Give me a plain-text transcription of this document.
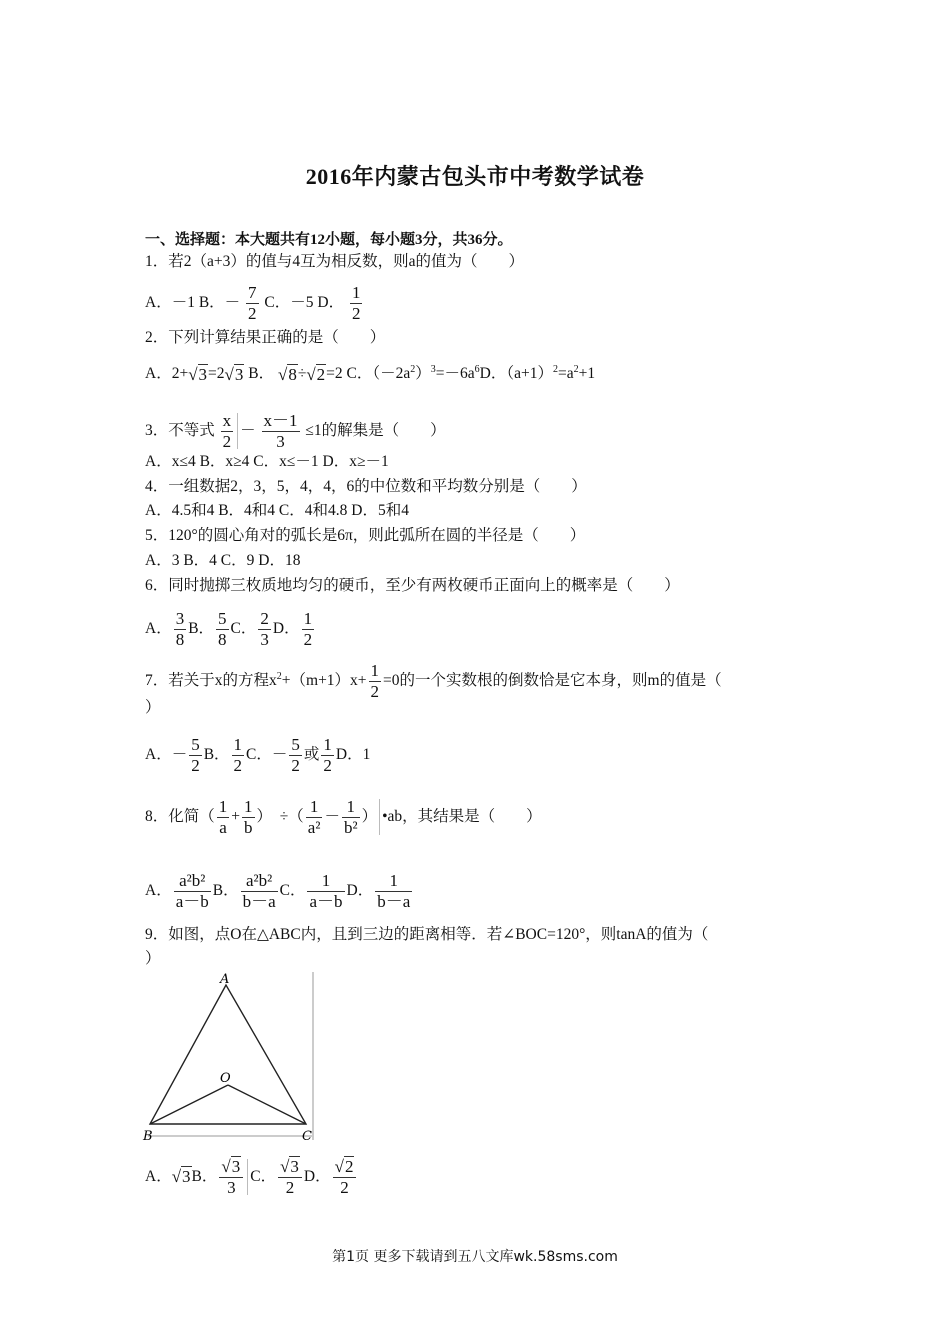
2016年内蒙古包头市中考数学试卷
一、选择题：本大题共有12小题，每小题3分，共36分。
1．若2（a+3）的值与4互为相反数，则a的值为（　　）
A．－1 B．－ $\frac{7}{2}$ C．－5 D． $\frac{1}{2}$
2．下列计算结果正确的是（　　）
A．2+√3=2√3 B． √8÷√2=2 C．$(-2a^2)^3=-6a^6D$．$(a+1)^2=a^2+1$
3．不等式 $\frac{x}{2} - \frac{x-1}{3} \le 1$的解集是（　　）
A．x≤4 B．x≥4 C．x≤－1 D．x≥－1
4．一组数据2，3，5，4，4，6的中位数和平均数分别是（　　）
A．4.5和4 B．4和4 C．4和4.8 D．5和4
5．120°的圆心角对的弧长是6π，则此弧所在圆的半径是（　　）
A．3 B．4 C．9 D．18
6．同时抛掷三枚质地均匀的硬币，至少有两枚硬币正面向上的概率是（　　）
A． $\frac{3}{8}$ B． $\frac{5}{8}$ C． $\frac{2}{3}$ D． $\frac{1}{2}$
7．若关于x的方程$x^2+(m+1)x+ \frac{1}{2} =0$的一个实数根的倒数恰是它本身，则m的值是（
）
A．－ $\frac{5}{2}$ B． $\frac{1}{2}$ C．－ $\frac{5}{2}$ 或 $\frac{1}{2}$ D．1
8．化简（ $\frac{1}{a} + \frac{1}{b}$ ） ÷（ $\frac{1}{\text{a²}} - \frac{1}{\text{b²}}$ ） •ab，其结果是（　　）
A． $\frac{\text{a²b²}}{a-b}$ B． $\frac{\text{a²b²}}{b-a}$ C． $\frac{1}{a-b}$ D． $\frac{1}{b-a}$
9．如图，点O在△ABC内，且到三边的距离相等．若∠BOC=120°，则tanA的值为（
）
A
B	C
O
A．√3B． $\frac{√3}{3}$ C． $\frac{√3}{2}$ D． $\frac{√2}{2}$
第1页 更多下载请到五八文库wk.58sms.com
